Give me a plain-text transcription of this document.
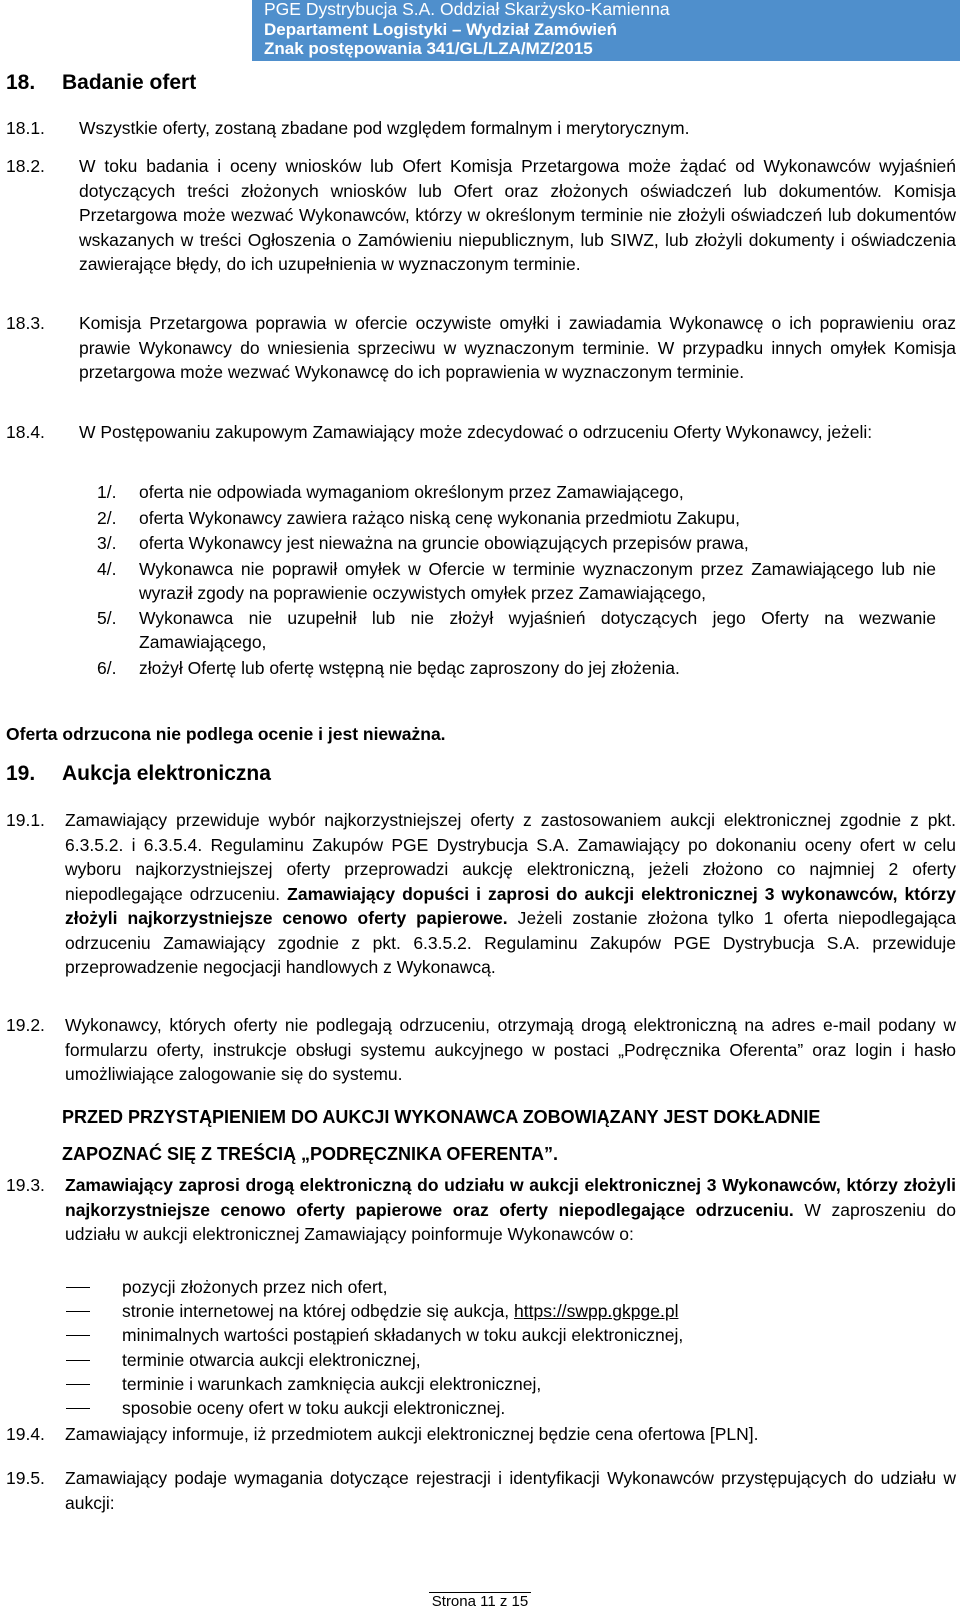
PGE Dystrybucja S.A. Oddział Skarżysko-Kamienna
Departament Logistyki – Wydział Zamówień
Znak postępowania 341/GL/LZA/MZ/2015
18. Badanie ofert
18.1. Wszystkie oferty, zostaną zbadane pod względem formalnym i merytorycznym.
18.2. W toku badania i oceny wniosków lub Ofert Komisja Przetargowa może żądać od Wykonawców wyjaśnień dotyczących treści złożonych wniosków lub Ofert oraz złożonych oświadczeń lub dokumentów. Komisja Przetargowa może wezwać Wykonawców, którzy w określonym terminie nie złożyli oświadczeń lub dokumentów wskazanych w treści Ogłoszenia o Zamówieniu niepublicznym, lub SIWZ, lub złożyli dokumenty i oświadczenia zawierające błędy, do ich uzupełnienia w wyznaczonym terminie.
18.3. Komisja Przetargowa poprawia w ofercie oczywiste omyłki i zawiadamia Wykonawcę o ich poprawieniu oraz prawie Wykonawcy do wniesienia sprzeciwu w wyznaczonym terminie. W przypadku innych omyłek Komisja przetargowa może wezwać Wykonawcę do ich poprawienia w wyznaczonym terminie.
18.4. W Postępowaniu zakupowym Zamawiający może zdecydować o odrzuceniu Oferty Wykonawcy, jeżeli:
1/. oferta nie odpowiada wymaganiom określonym przez Zamawiającego,
2/. oferta Wykonawcy zawiera rażąco niską cenę wykonania przedmiotu Zakupu,
3/. oferta Wykonawcy jest nieważna na gruncie obowiązujących przepisów prawa,
4/. Wykonawca nie poprawił omyłek w Ofercie w terminie wyznaczonym przez Zamawiającego lub nie wyraził zgody na poprawienie oczywistych omyłek przez Zamawiającego,
5/. Wykonawca nie uzupełnił lub nie złożył wyjaśnień dotyczących jego Oferty na wezwanie Zamawiającego,
6/. złożył Ofertę lub ofertę wstępną nie będąc zaproszony do jej złożenia.
Oferta odrzucona nie podlega ocenie i jest nieważna.
19. Aukcja elektroniczna
19.1. Zamawiający przewiduje wybór najkorzystniejszej oferty z zastosowaniem aukcji elektronicznej zgodnie z pkt. 6.3.5.2. i 6.3.5.4. Regulaminu Zakupów PGE Dystrybucja S.A. Zamawiający po dokonaniu oceny ofert w celu wyboru najkorzystniejszej oferty przeprowadzi aukcję elektroniczną, jeżeli złożono co najmniej 2 oferty niepodlegające odrzuceniu. Zamawiający dopuści i zaprosi do aukcji elektronicznej 3 wykonawców, którzy złożyli najkorzystniejsze cenowo oferty papierowe. Jeżeli zostanie złożona tylko 1 oferta niepodlegająca odrzuceniu Zamawiający zgodnie z pkt. 6.3.5.2. Regulaminu Zakupów PGE Dystrybucja S.A. przewiduje przeprowadzenie negocjacji handlowych z Wykonawcą.
19.2. Wykonawcy, których oferty nie podlegają odrzuceniu, otrzymają drogą elektroniczną na adres e-mail podany w formularzu oferty, instrukcje obsługi systemu aukcyjnego w postaci „Podręcznika Oferenta” oraz login i hasło umożliwiające zalogowanie się do systemu.
PRZED PRZYSTĄPIENIEM DO AUKCJI WYKONAWCA ZOBOWIĄZANY JEST DOKŁADNIE
ZAPOZNAĆ SIĘ Z TREŚCIĄ „PODRĘCZNIKA OFERENTA”.
19.3. Zamawiający zaprosi drogą elektroniczną do udziału w aukcji elektronicznej 3 Wykonawców, którzy złożyli najkorzystniejsze cenowo oferty papierowe oraz oferty niepodlegające odrzuceniu. W zaproszeniu do udziału w aukcji elektronicznej Zamawiający poinformuje Wykonawców o:
pozycji złożonych przez nich ofert,
stronie internetowej na której odbędzie się aukcja, https://swpp.gkpge.pl
minimalnych wartości postąpień składanych w toku aukcji elektronicznej,
terminie otwarcia aukcji elektronicznej,
terminie i warunkach zamknięcia aukcji elektronicznej,
sposobie oceny ofert w toku aukcji elektronicznej.
19.4. Zamawiający informuje, iż przedmiotem aukcji elektronicznej będzie cena ofertowa [PLN].
19.5. Zamawiający podaje wymagania dotyczące rejestracji i identyfikacji Wykonawców przystępujących do udziału w aukcji:
Strona 11 z 15
